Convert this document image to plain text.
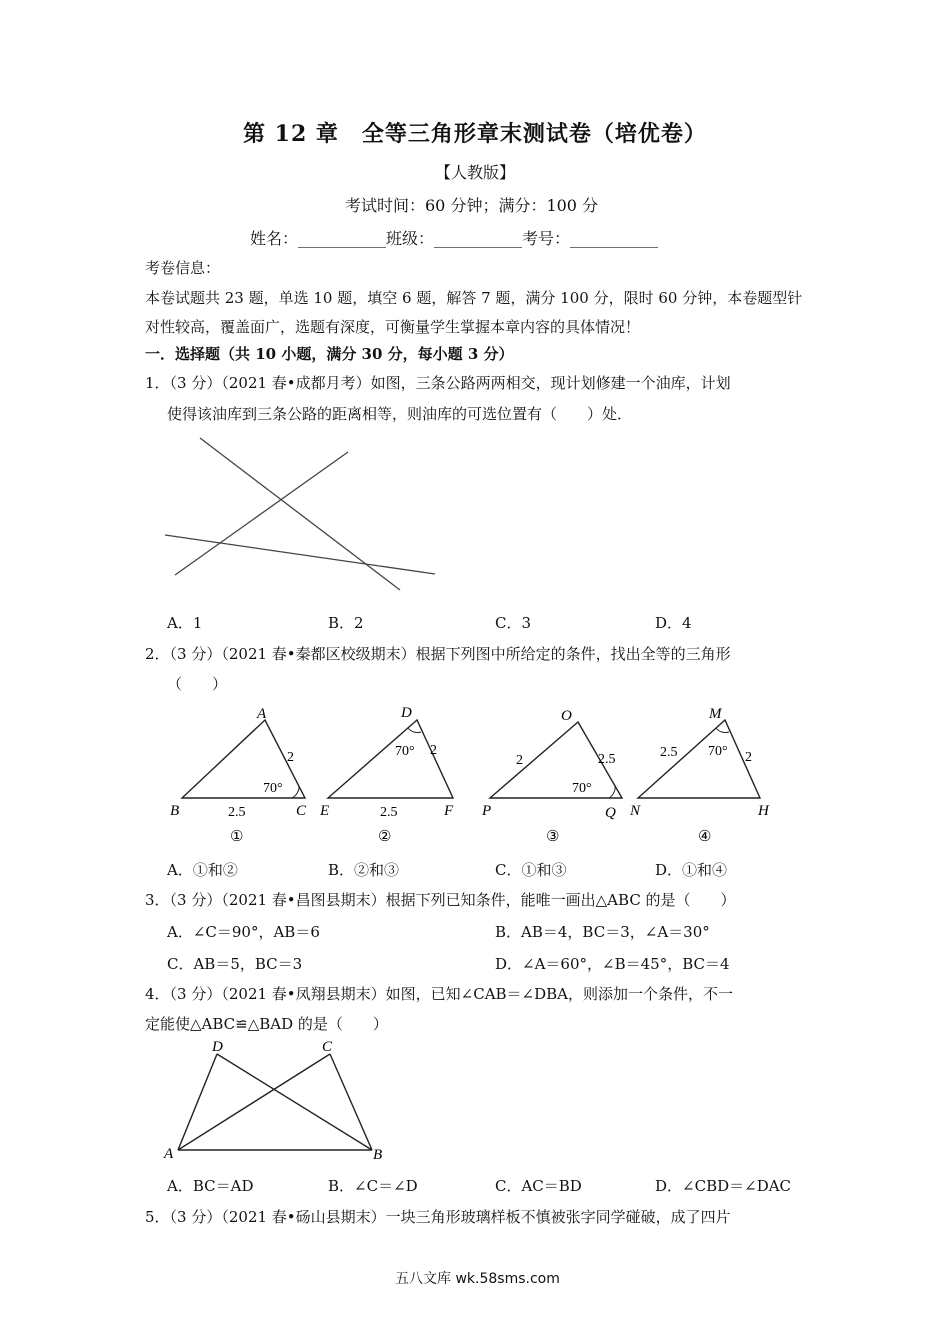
第 12 章　全等三角形章末测试卷（培优卷）
【人教版】
考试时间：60 分钟；满分：100 分
姓名：___________班级：___________考号：___________
考卷信息：
本卷试题共 23 题，单选 10 题，填空 6 题，解答 7 题，满分 100 分，限时 60 分钟，本卷题型针
对性较高，覆盖面广，选题有深度，可衡量学生掌握本章内容的具体情况！
一．选择题（共 10 小题，满分 30 分，每小题 3 分）
1．（3 分）（2021 春•成都月考）如图，三条公路两两相交，现计划修建一个油库，计划
使得该油库到三条公路的距离相等，则油库的可选位置有（　　）处．
A．1	B．2	C．3	D．4
2．（3 分）（2021 春•秦都区校级期末）根据下列图中所给定的条件，找出全等的三角形
（　　）
A
B	C
2
2.5
70°
①
D
E	F
2
2.5
70°
②
O
P	Q
2	2.5
70°
③
M
N	H
2.5	2
70°
④
A．①和②	B．②和③	C．①和③	D．①和④
3．（3 分）（2021 春•昌图县期末）根据下列已知条件，能唯一画出△ABC 的是（　　）
A．∠C＝90°，AB＝6	B．AB＝4，BC＝3，∠A＝30°
C．AB＝5，BC＝3	D．∠A＝60°，∠B＝45°，BC＝4
4．（3 分）（2021 春•凤翔县期末）如图，已知∠CAB＝∠DBA，则添加一个条件，不一
定能使△ABC≌△BAD 的是（　　）
D	C
A	B
A．BC＝AD	B．∠C＝∠D	C．AC＝BD	D．∠CBD＝∠DAC
5．（3 分）（2021 春•砀山县期末）一块三角形玻璃样板不慎被张字同学碰破，成了四片
五八文库 wk.58sms.com
